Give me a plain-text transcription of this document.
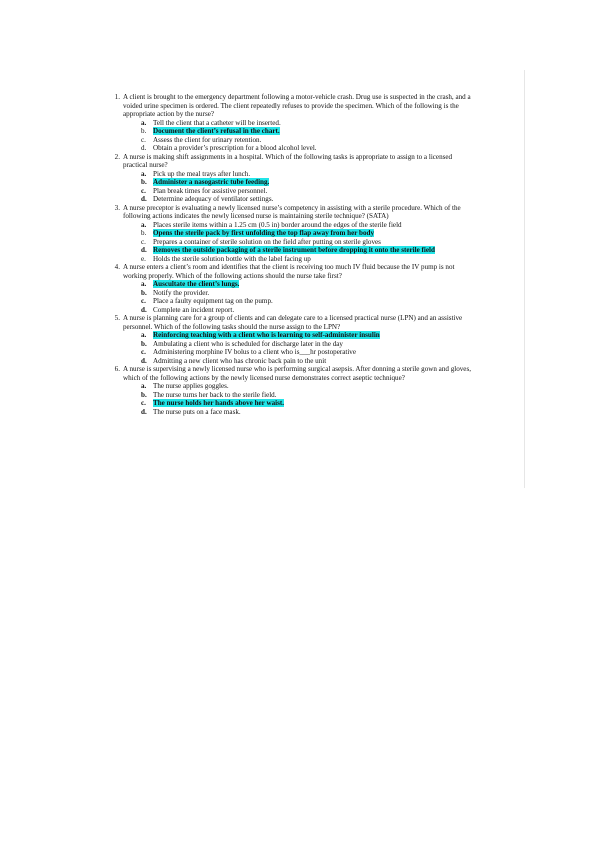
1. A client is brought to the emergency department following a motor-vehicle crash. Drug use is suspected in the crash, and a voided urine specimen is ordered. The client repeatedly refuses to provide the specimen. Which of the following is the appropriate action by the nurse?
a. Tell the client that a catheter will be inserted.
b. Document the client’s refusal in the chart.
c. Assess the client for urinary retention.
d. Obtain a provider’s prescription for a blood alcohol level.
2. A nurse is making shift assignments in a hospital. Which of the following tasks is appropriate to assign to a licensed practical nurse?
a. Pick up the meal trays after lunch.
b. Administer a nasogastric tube feeding.
c. Plan break times for assistive personnel.
d. Determine adequacy of ventilator settings.
3. A nurse preceptor is evaluating a newly licensed nurse’s competency in assisting with a sterile procedure. Which of the following actions indicates the newly licensed nurse is maintaining sterile technique? (SATA)
a. Places sterile items within a 1.25 cm (0.5 in) border around the edges of the sterile field
b. Opens the sterile pack by first unfolding the top flap away from her body
c. Prepares a container of sterile solution on the field after putting on sterile gloves
d. Removes the outside packaging of a sterile instrument before dropping it onto the sterile field
e. Holds the sterile solution bottle with the label facing up
4. A nurse enters a client’s room and identifies that the client is receiving too much IV fluid because the IV pump is not working properly. Which of the following actions should the nurse take first?
a. Auscultate the client’s lungs.
b. Notify the provider.
c. Place a faulty equipment tag on the pump.
d. Complete an incident report.
5. A nurse is planning care for a group of clients and can delegate care to a licensed practical nurse (LPN) and an assistive personnel. Which of the following tasks should the nurse assign to the LPN?
a. Reinforcing teaching with a client who is learning to self-administer insulin
b. Ambulating a client who is scheduled for discharge later in the day
c. Administering morphine IV bolus to a client who is___hr postoperative
d. Admitting a new client who has chronic back pain to the unit
6. A nurse is supervising a newly licensed nurse who is performing surgical asepsis. After donning a sterile gown and gloves, which of the following actions by the newly licensed nurse demonstrates correct aseptic technique?
a. The nurse applies goggles.
b. The nurse turns her back to the sterile field.
c. The nurse holds her hands above her waist.
d. The nurse puts on a face mask.
